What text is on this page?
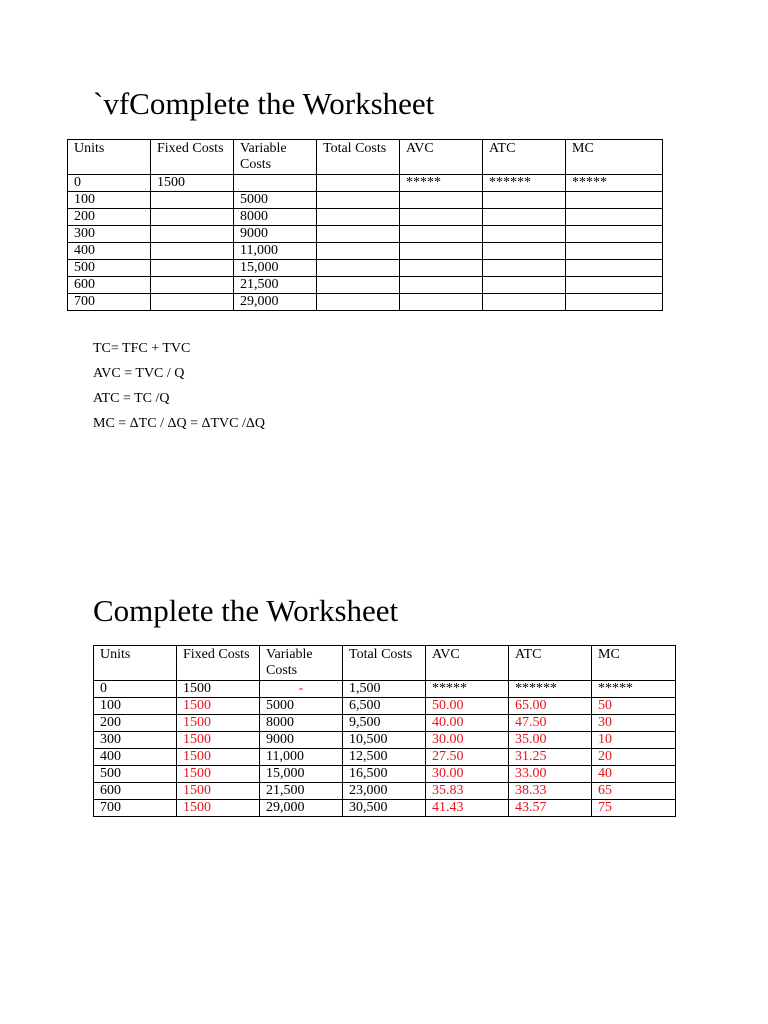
`vfComplete the Worksheet
Units	Fixed Costs	Variable Costs	Total Costs	AVC	ATC	MC
0	1500			*****	******	*****
100		5000				
200		8000				
300		9000				
400		11,000				
500		15,000				
600		21,500				
700		29,000				
TC= TFC + TVC
AVC = TVC / Q
ATC = TC /Q
MC = ΔTC / ΔQ = ΔTVC /ΔQ
Complete the Worksheet
Units	Fixed Costs	Variable Costs	Total Costs	AVC	ATC	MC
0	1500	-	1,500	*****	******	*****
100	1500	5000	6,500	50.00	65.00	50
200	1500	8000	9,500	40.00	47.50	30
300	1500	9000	10,500	30.00	35.00	10
400	1500	11,000	12,500	27.50	31.25	20
500	1500	15,000	16,500	30.00	33.00	40
600	1500	21,500	23,000	35.83	38.33	65
700	1500	29,000	30,500	41.43	43.57	75
